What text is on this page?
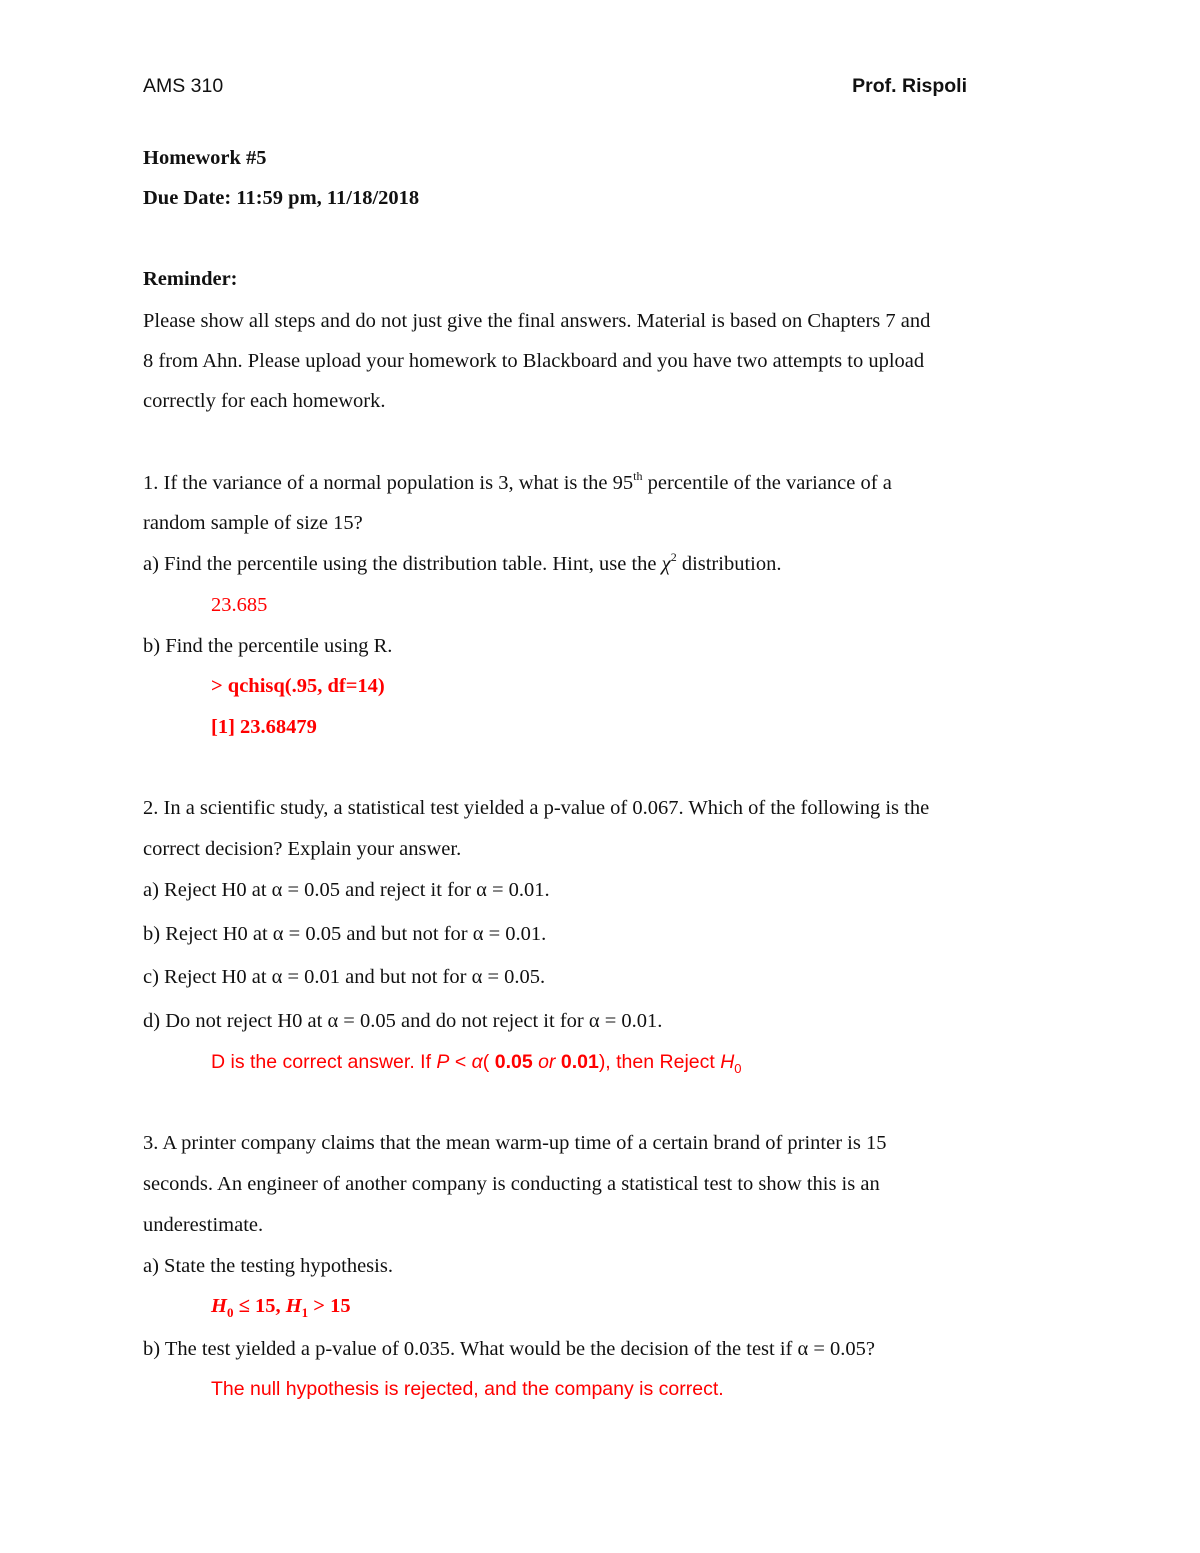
AMS 310	Prof. Rispoli
Homework #5
Due Date: 11:59 pm, 11/18/2018
Reminder:
Please show all steps and do not just give the final answers. Material is based on Chapters 7 and
8 from Ahn. Please upload your homework to Blackboard and you have two attempts to upload
correctly for each homework.
1. If the variance of a normal population is 3, what is the 95th percentile of the variance of a
random sample of size 15?
a) Find the percentile using the distribution table. Hint, use the $\chi^2$ distribution.
23.685
b) Find the percentile using R.
> qchisq(.95, df=14)
[1] 23.68479
2. In a scientific study, a statistical test yielded a p-value of 0.067. Which of the following is the
correct decision? Explain your answer.
a) Reject H0 at α = 0.05 and reject it for α = 0.01.
b) Reject H0 at α = 0.05 and but not for α = 0.01.
c) Reject H0 at α = 0.01 and but not for α = 0.05.
d) Do not reject H0 at α = 0.05 and do not reject it for α = 0.01.
D is the correct answer. If P < α( 0.05 or 0.01), then Reject $H_0$
3. A printer company claims that the mean warm-up time of a certain brand of printer is 15
seconds. An engineer of another company is conducting a statistical test to show this is an
underestimate.
a) State the testing hypothesis.
$H_0 \le 15$, $H_1 > 15$
b) The test yielded a p-value of 0.035. What would be the decision of the test if α = 0.05?
The null hypothesis is rejected, and the company is correct.
